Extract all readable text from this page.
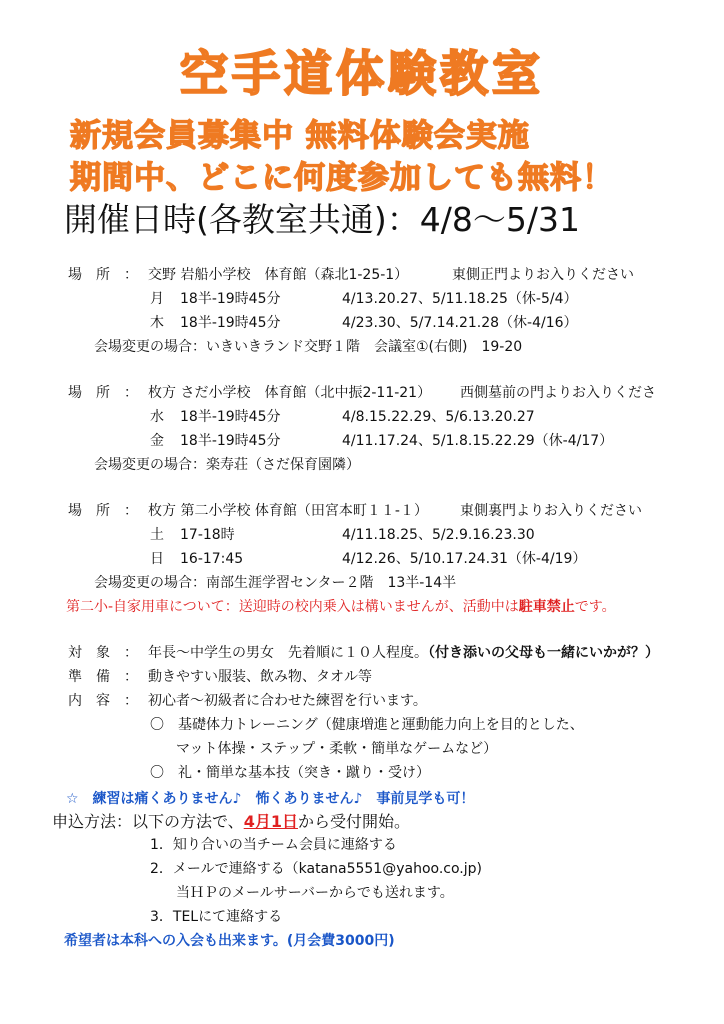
空手道体験教室
新規会員募集中 無料体験会実施
期間中、どこに何度参加しても無料！
開催日時(各教室共通)：4/8～5/31
場　所　： 交野 岩船小学校　体育館（森北1-25-1）	東側正門よりお入りください
月 18半-19時45分	4/13.20.27、5/11.18.25（休-5/4）
木 18半-19時45分	4/23.30、5/7.14.21.28（休-4/16）
会場変更の場合：いきいきランド交野１階　会議室①(右側)　19-20
場　所　： 枚方 さだ小学校　体育館（北中振2-11-21） 西側墓前の門よりお入りくださ
水 18半-19時45分	4/8.15.22.29、5/6.13.20.27
金 18半-19時45分	4/11.17.24、5/1.8.15.22.29（休-4/17）
会場変更の場合：楽寿荘（さだ保育園隣）
場　所　： 枚方 第二小学校 体育館（田宮本町１１-１） 東側裏門よりお入りください
土 17-18時	4/11.18.25、5/2.9.16.23.30
日 16-17:45	4/12.26、5/10.17.24.31（休-4/19）
会場変更の場合：南部生涯学習センター２階　13半-14半
第二小-自家用車について：送迎時の校内乗入は構いませんが、活動中は駐車禁止です。
対　象　： 年長～中学生の男女　先着順に１０人程度。（付き添いの父母も一緒にいかが？）
準　備　： 動きやすい服装、飲み物、タオル等
内　容　： 初心者～初級者に合わせた練習を行います。
〇　基礎体力トレーニング（健康増進と運動能力向上を目的とした、
マット体操・ステップ・柔軟・簡単なゲームなど）
〇　礼・簡単な基本技（突き・蹴り・受け）
☆　練習は痛くありません♪　怖くありません♪　事前見学も可！
申込方法：以下の方法で、4月1日から受付開始。
1．知り合いの当チーム会員に連絡する
2．メールで連絡する（katana5551@yahoo.co.jp)
当ＨＰのメールサーバーからでも送れます。
3．TELにて連絡する
希望者は本科への入会も出来ます。(月会費3000円)
